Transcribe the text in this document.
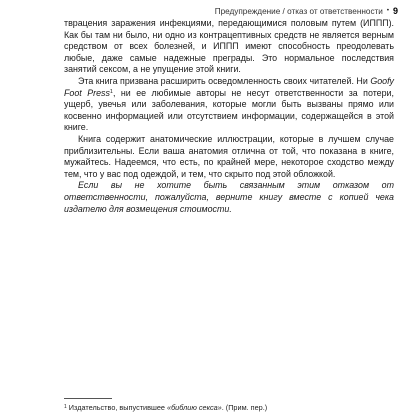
Предупреждение / отказ от ответственности • 9

тврацения заражения инфекциями, передающимися половым путем (ИППП). Как бы там ни было, ни одно из контрацептивных средств не является верным средством от всех болезней, и ИППП имеют способность преодолевать любые, даже самые надежные преграды. Это нормальное последствия занятий сексом, а не упущение этой книги.

Эта книга призвана расширить осведомленность своих читателей. Ни Goofy Foot Press$^1$, ни ее любимые авторы не несут ответственности за потери, ущерб, увечья или заболевания, которые могли быть вызваны прямо или косвенно информацией или отсутствием информации, содержащейся в этой книге.

Книга содержит анатомические иллюстрации, которые в лучшем случае приблизительны. Если ваша анатомия отлична от той, что показана в книге, мужайтесь. Надеемся, что есть, по крайней мере, некоторое сходство между тем, что у вас под одеждой, и тем, что скрыто под этой обложкой.

Если вы не хотите быть связанным этим отказом от ответственности, пожалуйста, верните книгу вместе с копией чека издателю для возмещения стоимости.

$^1$ Издательство, выпустившее «библию секса». (Прим. пер.)
